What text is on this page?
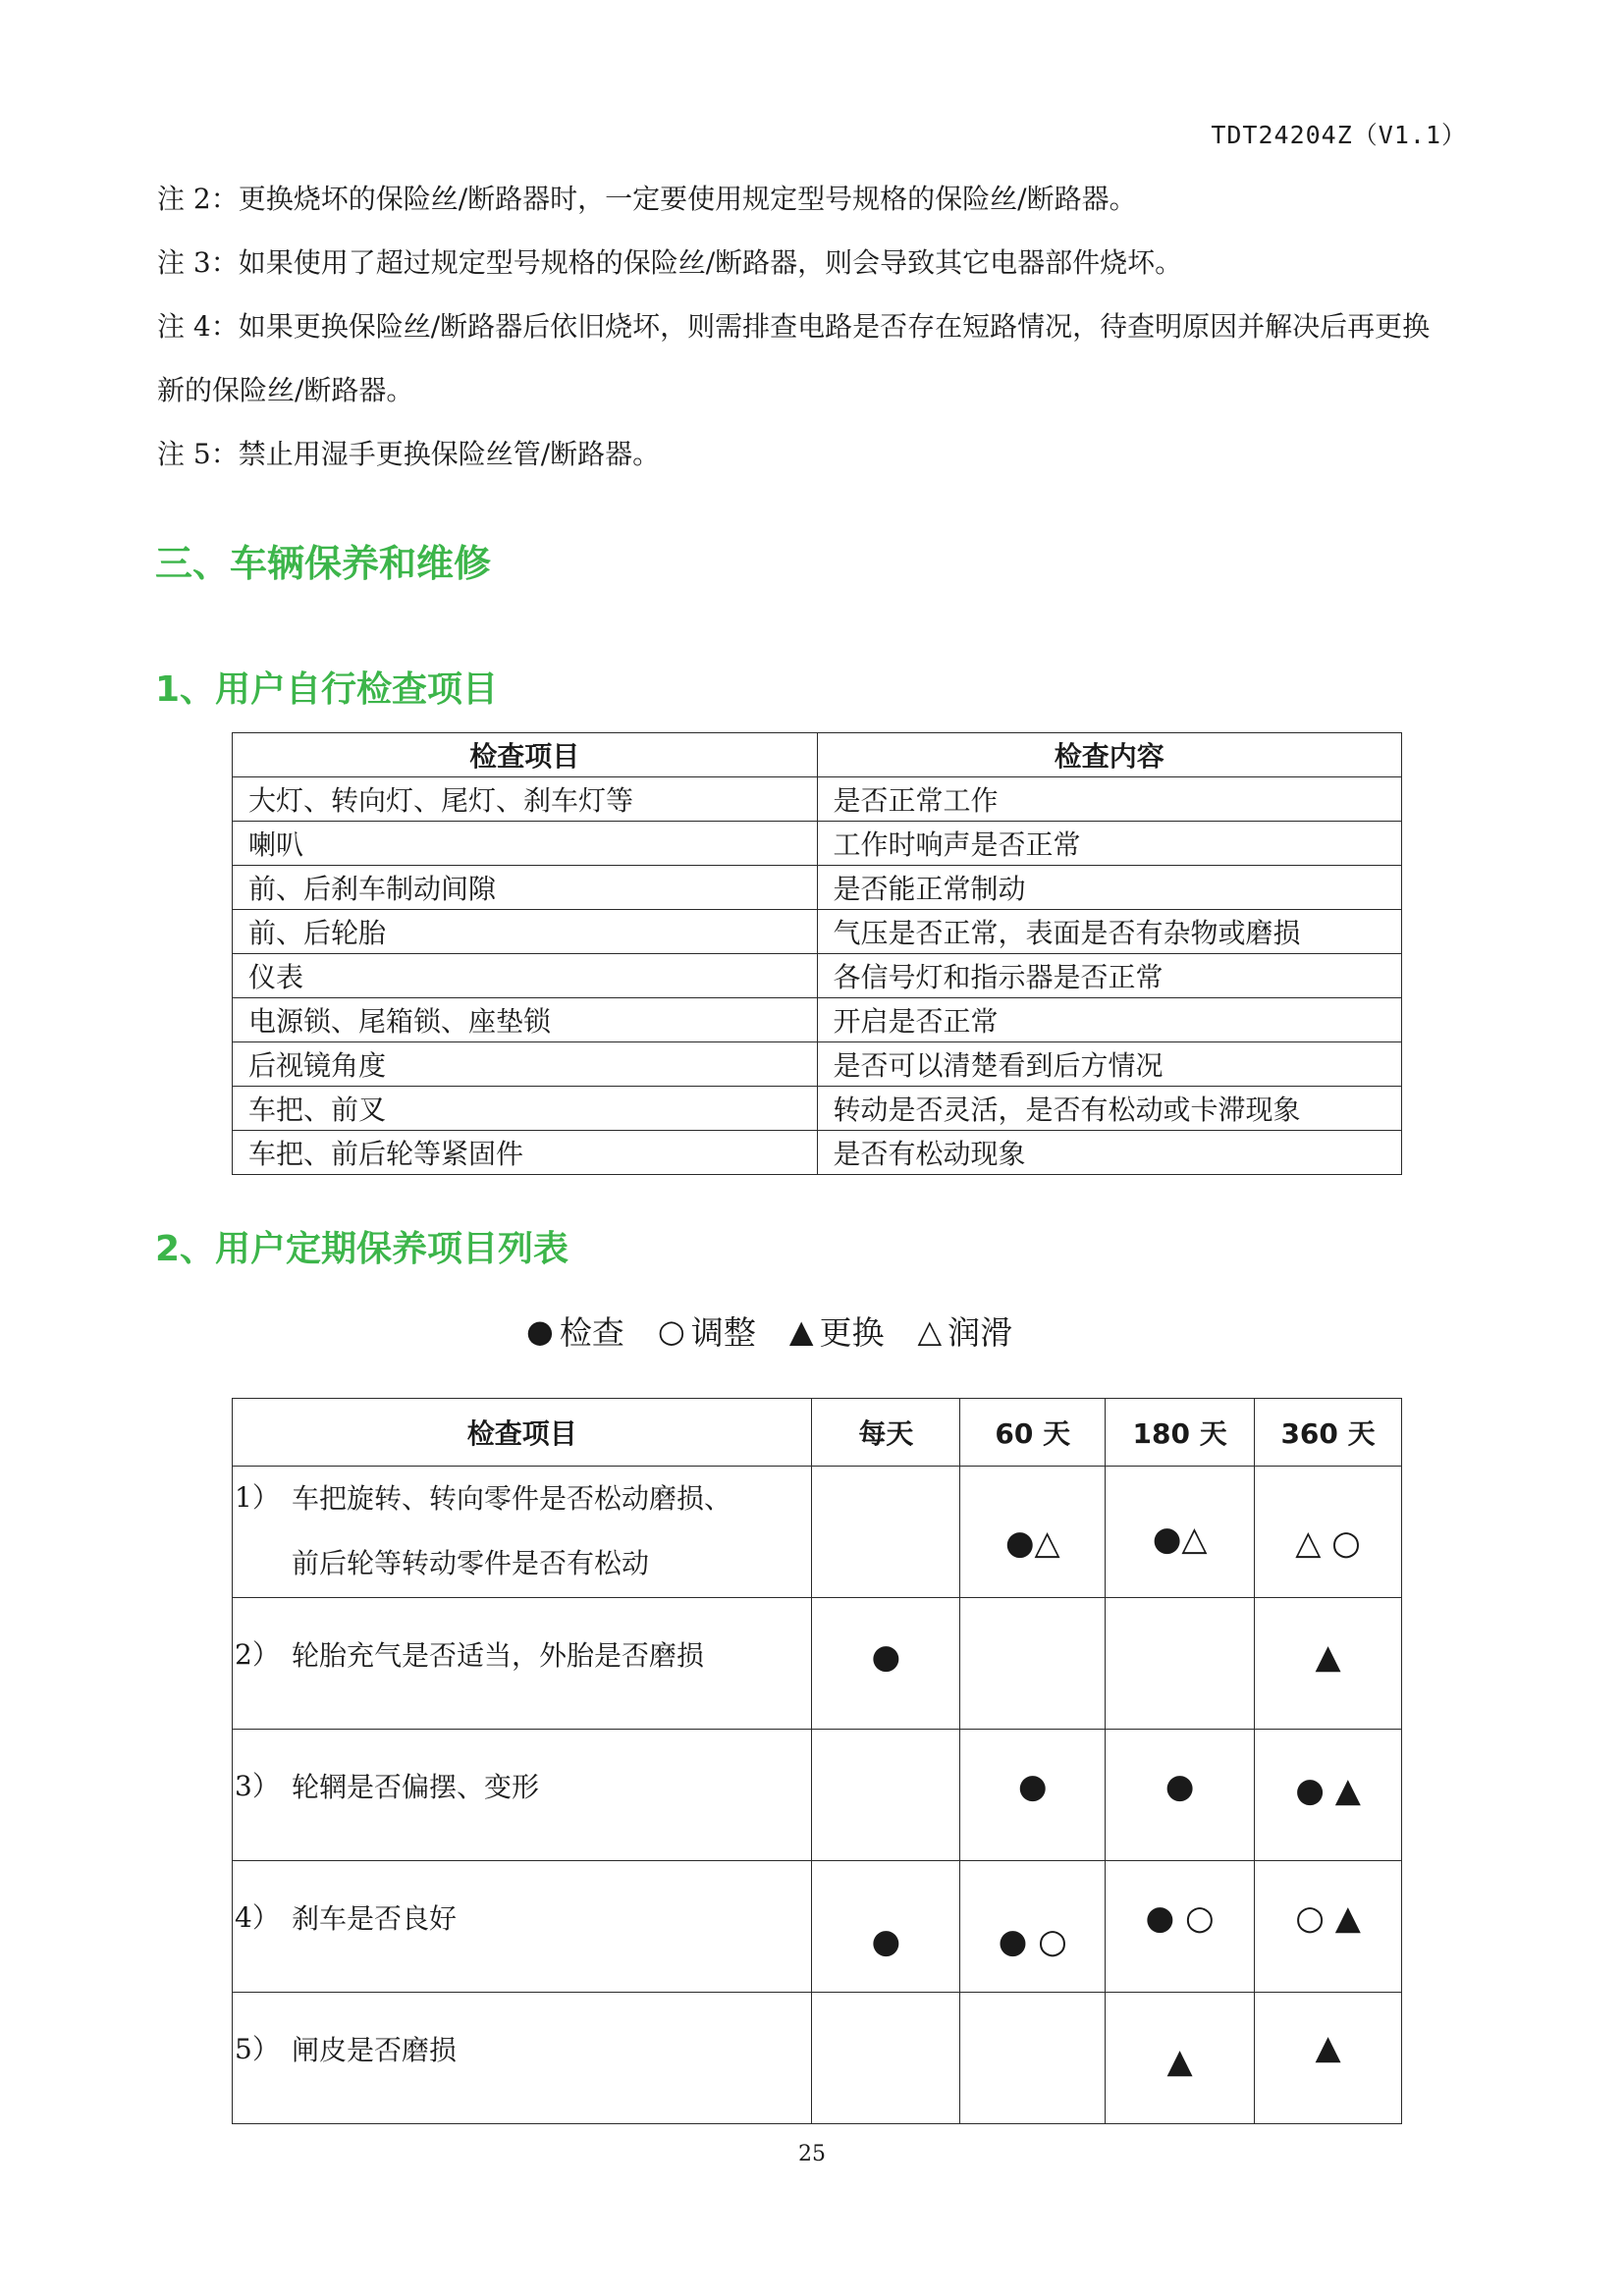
TDT24204Z（V1.1）

注 2：更换烧坏的保险丝/断路器时，一定要使用规定型号规格的保险丝/断路器。

注 3：如果使用了超过规定型号规格的保险丝/断路器，则会导致其它电器部件烧坏。

注 4：如果更换保险丝/断路器后依旧烧坏，则需排查电路是否存在短路情况，待查明原因并解决后再更换

新的保险丝/断路器。

注 5：禁止用湿手更换保险丝管/断路器。

三、车辆保养和维修
1、用户自行检查项目
检查项目	检查内容
大灯、转向灯、尾灯、刹车灯等	是否正常工作
喇叭	工作时响声是否正常
前、后刹车制动间隙	是否能正常制动
前、后轮胎	气压是否正常，表面是否有杂物或磨损
仪表	各信号灯和指示器是否正常
电源锁、尾箱锁、座垫锁	开启是否正常
后视镜角度	是否可以清楚看到后方情况
车把、前叉	转动是否灵活，是否有松动或卡滞现象
车把、前后轮等紧固件	是否有松动现象
2、用户定期保养项目列表
● 检查 ○ 调整 ▲ 更换 △ 润滑
检查项目	每天	60 天	180 天	360 天

1） 车把旋转、转向零件是否松动磨损、
前后轮等转动零件是否有松动		●△	●△	△ ○

2） 轮胎充气是否适当，外胎是否磨损	●			▲

3） 轮辋是否偏摆、变形		●	●	● ▲

4） 刹车是否良好	●	● ○	● ○	○ ▲

5） 闸皮是否磨损			▲	▲
25
